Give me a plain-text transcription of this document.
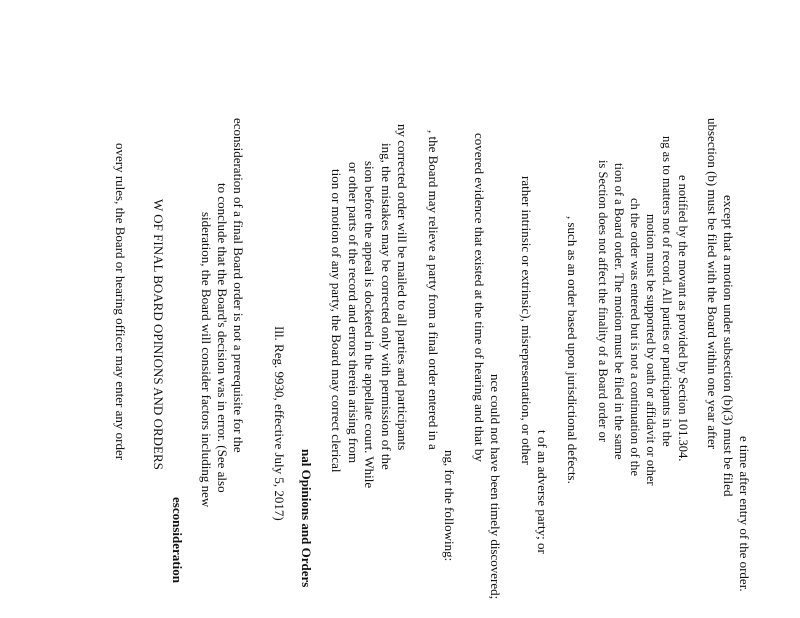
overy rules, the Board or hearing officer may enter any order W OF FINAL BOARD OPINIONS AND ORDERS
esconsideration
sideration, the Board will consider factors including new to conclude that the Board's decision was in error. (See also econsideration of a final Board order is not a prerequisite for the Ill. Reg. 9930, effective July 5, 2017) nal Opinions and Orders
tion or motion of any party, the Board may correct clerical or other parts of the record and errors therein arising from sion before the appeal is docketed in the appellate court. While ing, the mistakes may be corrected only with permission of the ny corrected order will be mailed to all parties and participants , the Board may relieve a party from a final order entered in a
ng, for the following:
covered evidence that existed at the time of hearing and that by
nce could not have been timely discovered;
rather intrinsic or extrinsic), misrepresentation, or other
t of an adverse party; or
, such as an order based upon jurisdictional defects. is Section does not affect the finality of a Board order or tion of a Board order. The motion must be filed in the same ch the order was entered but is not a continuation of the motion must be supported by oath or affidavit or other ng as to matters not of record. All parties or participants in the e notified by the movant as provided by Section 101.304. ubsection (b) must be filed with the Board within one year after except that a motion under subsection (b)(3) must be filed
e time after entry of the order.
